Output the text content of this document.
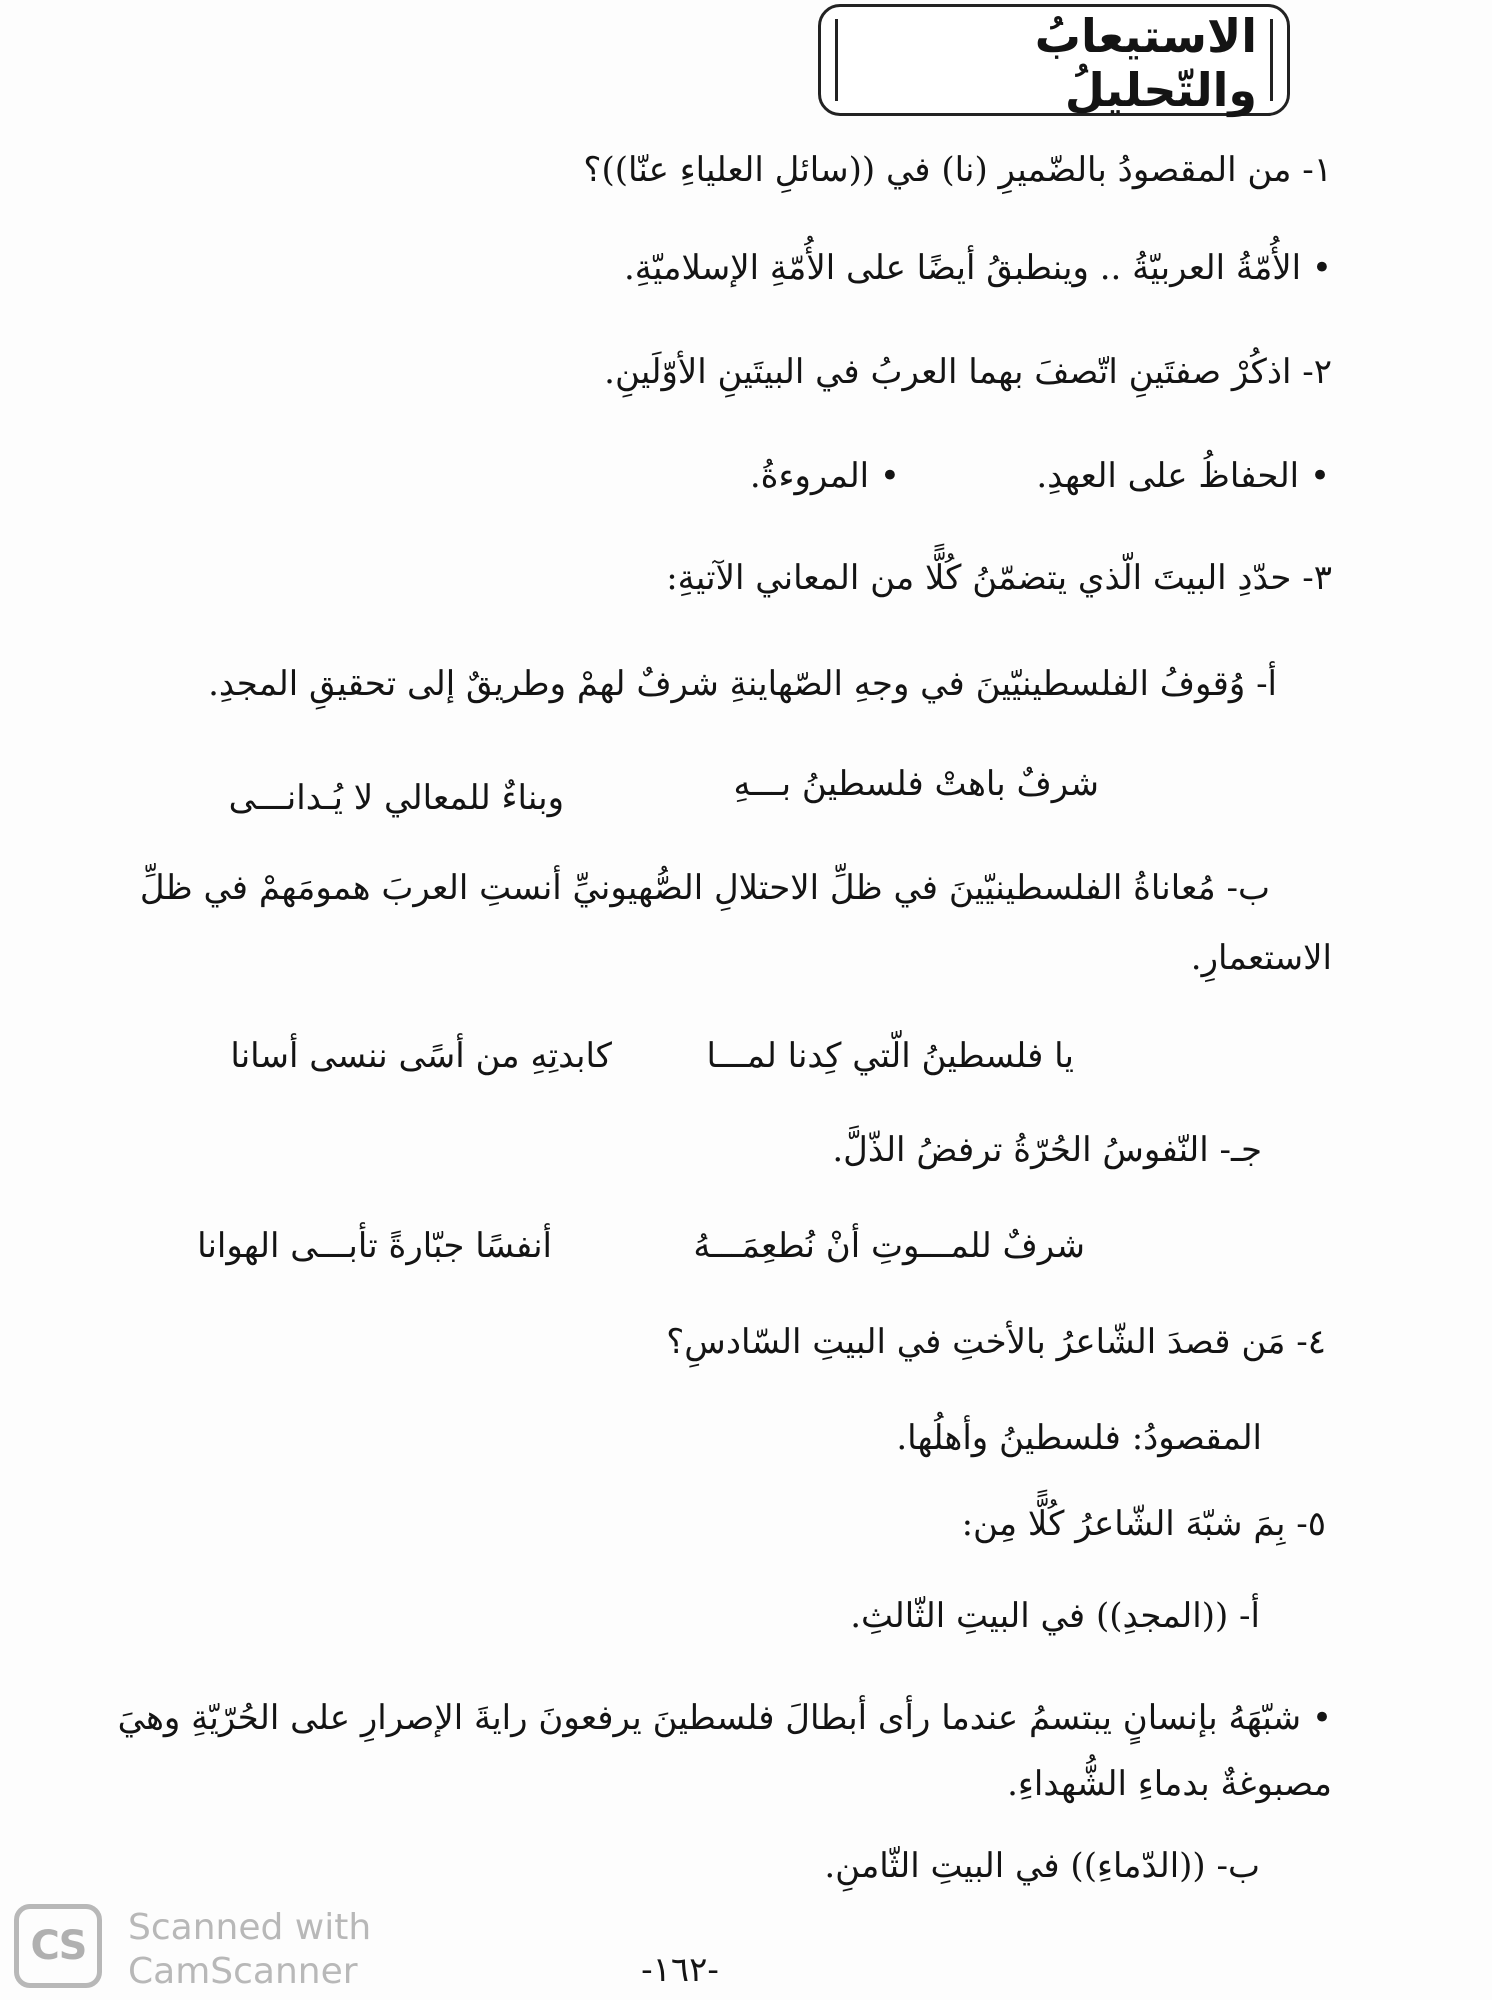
الاستيعابُ والتّحليلُ
١- من المقصودُ بالضّميرِ (نا) في ((سائلِ العلياءِ عنّا))؟
• الأُمّةُ العربيّةُ .. وينطبقُ أيضًا على الأُمّةِ الإسلاميّةِ.
٢- اذكُرْ صفتَينِ اتّصفَ بهما العربُ في البيتَينِ الأوّلَينِ.
• الحفاظُ على العهدِ.
• المروءةُ.
٣- حدّدِ البيتَ الّذي يتضمّنُ كُلًّا من المعاني الآتيةِ:
أ- وُقوفُ الفلسطينيّينَ في وجهِ الصّهاينةِ شرفٌ لهمْ وطريقٌ إلى تحقيقِ المجدِ.
شرفٌ باهتْ فلسطينُ بـــهِ
وبناءٌ للمعالي لا يُـدانـــى
ب- مُعاناةُ الفلسطينيّينَ في ظلِّ الاحتلالِ الصُّهيونيِّ أنستِ العربَ همومَهمْ في ظلِّ
الاستعمارِ.
يا فلسطينُ الّتي كِدنا لمـــا
كابدتِهِ من أسًى ننسى أسانا
جـ- النّفوسُ الحُرّةُ ترفضُ الذّلَّ.
شرفٌ للمـــوتِ أنْ نُطعِمَـــهُ
أنفسًا جبّارةً تأبـــى الهوانا
٤- مَن قصدَ الشّاعرُ بالأختِ في البيتِ السّادسِ؟
المقصودُ: فلسطينُ وأهلُها.
٥- بِمَ شبّهَ الشّاعرُ كُلًّا مِن:
أ- ((المجدِ)) في البيتِ الثّالثِ.
• شبّهَهُ بإنسانٍ يبتسمُ عندما رأى أبطالَ فلسطينَ يرفعونَ رايةَ الإصرارِ على الحُرّيّةِ وهيَ
مصبوغةٌ بدماءِ الشُّهداءِ.
ب- ((الدّماءِ)) في البيتِ الثّامنِ.
CS	Scanned with
CamScanner	-١٦٢-
